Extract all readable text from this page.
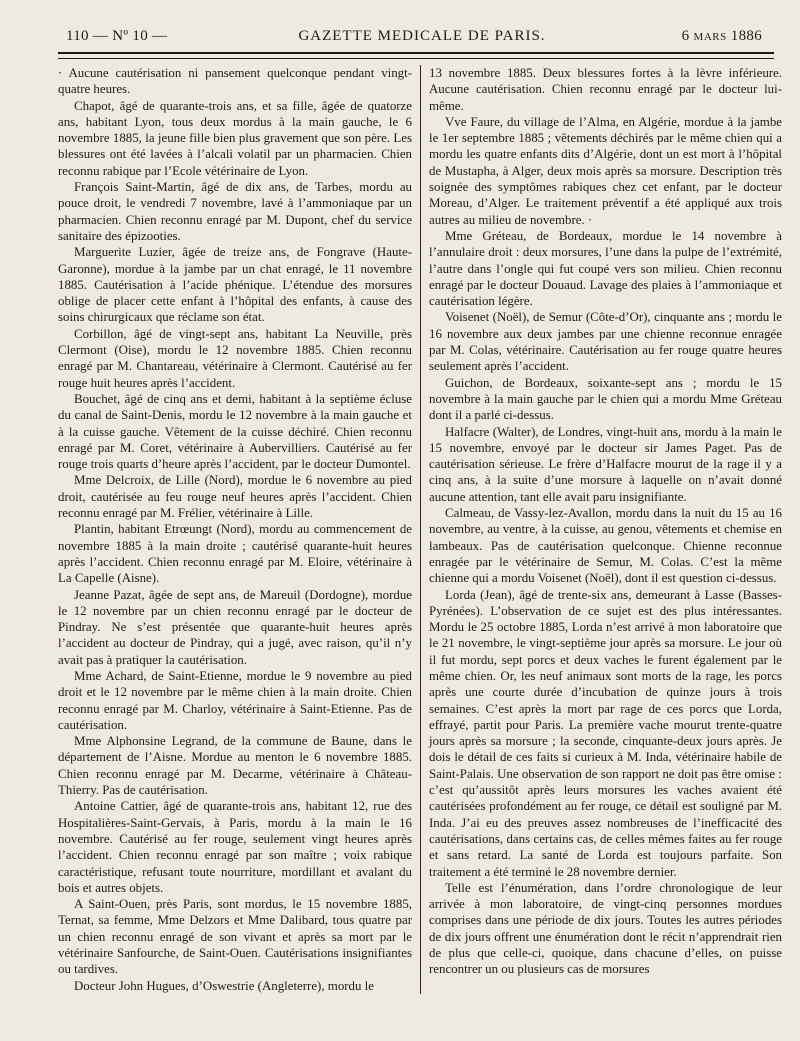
110 — Nº 10 —	GAZETTE MEDICALE DE PARIS.	6 MARS 1886

· Aucune cautérisation ni pansement quelconque pendant vingt-quatre heures.

Chapot, âgé de quarante-trois ans, et sa fille, âgée de quatorze ans, habitant Lyon, tous deux mordus à la main gauche, le 6 novembre 1885, la jeune fille bien plus gravement que son père. Les blessures ont été lavées à l’alcali volatil par un pharmacien. Chien reconnu rabique par l’Ecole vétérinaire de Lyon.

François Saint-Martin, âgé de dix ans, de Tarbes, mordu au pouce droit, le vendredi 7 novembre, lavé à l’ammoniaque par un pharmacien. Chien reconnu enragé par M. Dupont, chef du service sanitaire des épizooties.

Marguerite Luzier, âgée de treize ans, de Fongrave (Haute-Garonne), mordue à la jambe par un chat enragé, le 11 novembre 1885. Cautérisation à l’acide phénique. L’étendue des morsures oblige de placer cette enfant à l’hôpital des enfants, à cause des soins chirurgicaux que réclame son état.

Corbillon, âgé de vingt-sept ans, habitant La Neuville, près Clermont (Oise), mordu le 12 novembre 1885. Chien reconnu enragé par M. Chantareau, vétérinaire à Clermont. Cautérisé au fer rouge huit heures après l’accident.

Bouchet, âgé de cinq ans et demi, habitant à la septième écluse du canal de Saint-Denis, mordu le 12 novembre à la main gauche et à la cuisse gauche. Vêtement de la cuisse déchiré. Chien reconnu enragé par M. Coret, vétérinaire à Aubervilliers. Cautérisé au fer rouge trois quarts d’heure après l’accident, par le docteur Dumontel.

Mme Delcroix, de Lille (Nord), mordue le 6 novembre au pied droit, cautérisée au feu rouge neuf heures après l’accident. Chien reconnu enragé par M. Frélier, vétérinaire à Lille.

Plantin, habitant Etrœungt (Nord), mordu au commencement de novembre 1885 à la main droite ; cautérisé quarante-huit heures après l’accident. Chien reconnu enragé par M. Eloire, vétérinaire à La Capelle (Aisne).

Jeanne Pazat, âgée de sept ans, de Mareuil (Dordogne), mordue le 12 novembre par un chien reconnu enragé par le docteur de Pindray. Ne s’est présentée que quarante-huit heures après l’accident au docteur de Pindray, qui a jugé, avec raison, qu’il n’y avait pas à pratiquer la cautérisation.

Mme Achard, de Saint-Etienne, mordue le 9 novembre au pied droit et le 12 novembre par le même chien à la main droite. Chien reconnu enragé par M. Charloy, vétérinaire à Saint-Etienne. Pas de cautérisation.

Mme Alphonsine Legrand, de la commune de Baune, dans le département de l’Aisne. Mordue au menton le 6 novembre 1885. Chien reconnu enragé par M. Decarme, vétérinaire à Château-Thierry. Pas de cautérisation.

Antoine Cattier, âgé de quarante-trois ans, habitant 12, rue des Hospitalières-Saint-Gervais, à Paris, mordu à la main le 16 novembre. Cautérisé au fer rouge, seulement vingt heures après l’accident. Chien reconnu enragé par son maître ; voix rabique caractéristique, refusant toute nourriture, mordillant et avalant du bois et autres objets.

A Saint-Ouen, près Paris, sont mordus, le 15 novembre 1885, Ternat, sa femme, Mme Delzors et Mme Dalibard, tous quatre par un chien reconnu enragé de son vivant et après sa mort par le vétérinaire Sanfourche, de Saint-Ouen. Cautérisations insignifiantes ou tardives.

Docteur John Hugues, d’Oswestrie (Angleterre), mordu le

13 novembre 1885. Deux blessures fortes à la lèvre inférieure. Aucune cautérisation. Chien reconnu enragé par le docteur lui-même.

Vve Faure, du village de l’Alma, en Algérie, mordue à la jambe le 1er septembre 1885 ; vêtements déchirés par le même chien qui a mordu les quatre enfants dits d’Algérie, dont un est mort à l’hôpital de Mustapha, à Alger, deux mois après sa morsure. Description très soignée des symptômes rabiques chez cet enfant, par le docteur Moreau, d’Alger. Le traitement préventif a été appliqué aux trois autres au milieu de novembre. ·

Mme Gréteau, de Bordeaux, mordue le 14 novembre à l’annulaire droit : deux morsures, l’une dans la pulpe de l’extrémité, l’autre dans l’ongle qui fut coupé vers son milieu. Chien reconnu enragé par le docteur Douaud. Lavage des plaies à l’ammoniaque et cautérisation légère.

Voisenet (Noël), de Semur (Côte-d’Or), cinquante ans ; mordu le 16 novembre aux deux jambes par une chienne reconnue enragée par M. Colas, vétérinaire. Cautérisation au fer rouge quatre heures seulement après l’accident.

Guichon, de Bordeaux, soixante-sept ans ; mordu le 15 novembre à la main gauche par le chien qui a mordu Mme Gréteau dont il a parlé ci-dessus.

Halfacre (Walter), de Londres, vingt-huit ans, mordu à la main le 15 novembre, envoyé par le docteur sir James Paget. Pas de cautérisation sérieuse. Le frère d’Halfacre mourut de la rage il y a cinq ans, à la suite d’une morsure à laquelle on n’avait donné aucune attention, tant elle avait paru insignifiante.

Calmeau, de Vassy-lez-Avallon, mordu dans la nuit du 15 au 16 novembre, au ventre, à la cuisse, au genou, vêtements et chemise en lambeaux. Pas de cautérisation quelconque. Chienne reconnue enragée par le vétérinaire de Semur, M. Colas. C’est la même chienne qui a mordu Voisenet (Noël), dont il est question ci-dessus.

Lorda (Jean), âgé de trente-six ans, demeurant à Lasse (Basses-Pyrénées). L’observation de ce sujet est des plus intéressantes. Mordu le 25 octobre 1885, Lorda n’est arrivé à mon laboratoire que le 21 novembre, le vingt-septième jour après sa morsure. Le jour où il fut mordu, sept porcs et deux vaches le furent également par le même chien. Or, les neuf animaux sont morts de la rage, les porcs après une courte durée d’incubation de quinze jours à trois semaines. C’est après la mort par rage de ces porcs que Lorda, effrayé, partit pour Paris. La première vache mourut trente-quatre jours après sa morsure ; la seconde, cinquante-deux jours après. Je dois le détail de ces faits si curieux à M. Inda, vétérinaire habile de Saint-Palais. Une observation de son rapport ne doit pas être omise : c’est qu’aussitôt après leurs morsures les vaches avaient été cautérisées profondément au fer rouge, ce détail est souligné par M. Inda. J’ai eu des preuves assez nombreuses de l’inefficacité des cautérisations, dans certains cas, de celles mêmes faites au fer rouge et sans retard. La santé de Lorda est toujours parfaite. Son traitement a été terminé le 28 novembre dernier.

Telle est l’énumération, dans l’ordre chronologique de leur arrivée à mon laboratoire, de vingt-cinq personnes mordues comprises dans une période de dix jours. Toutes les autres périodes de dix jours offrent une énumération dont le récit n’apprendrait rien de plus que celle-ci, quoique, dans chacune d’elles, on puisse rencontrer un ou plusieurs cas de morsures
